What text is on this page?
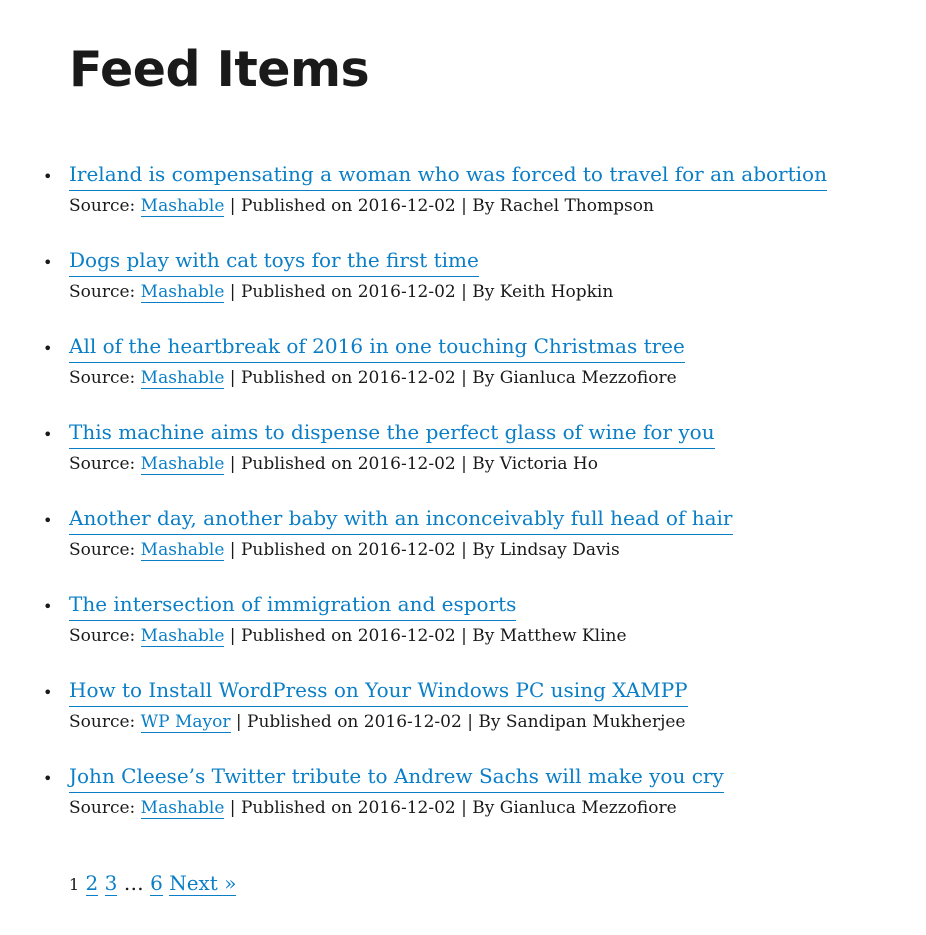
Feed Items
• Ireland is compensating a woman who was forced to travel for an abortion
Source: Mashable | Published on 2016-12-02 | By Rachel Thompson
• Dogs play with cat toys for the first time
Source: Mashable | Published on 2016-12-02 | By Keith Hopkin
• All of the heartbreak of 2016 in one touching Christmas tree
Source: Mashable | Published on 2016-12-02 | By Gianluca Mezzofiore
• This machine aims to dispense the perfect glass of wine for you
Source: Mashable | Published on 2016-12-02 | By Victoria Ho
• Another day, another baby with an inconceivably full head of hair
Source: Mashable | Published on 2016-12-02 | By Lindsay Davis
• The intersection of immigration and esports
Source: Mashable | Published on 2016-12-02 | By Matthew Kline
• How to Install WordPress on Your Windows PC using XAMPP
Source: WP Mayor | Published on 2016-12-02 | By Sandipan Mukherjee
• John Cleese’s Twitter tribute to Andrew Sachs will make you cry
Source: Mashable | Published on 2016-12-02 | By Gianluca Mezzofiore
1 2 3 … 6 Next »
